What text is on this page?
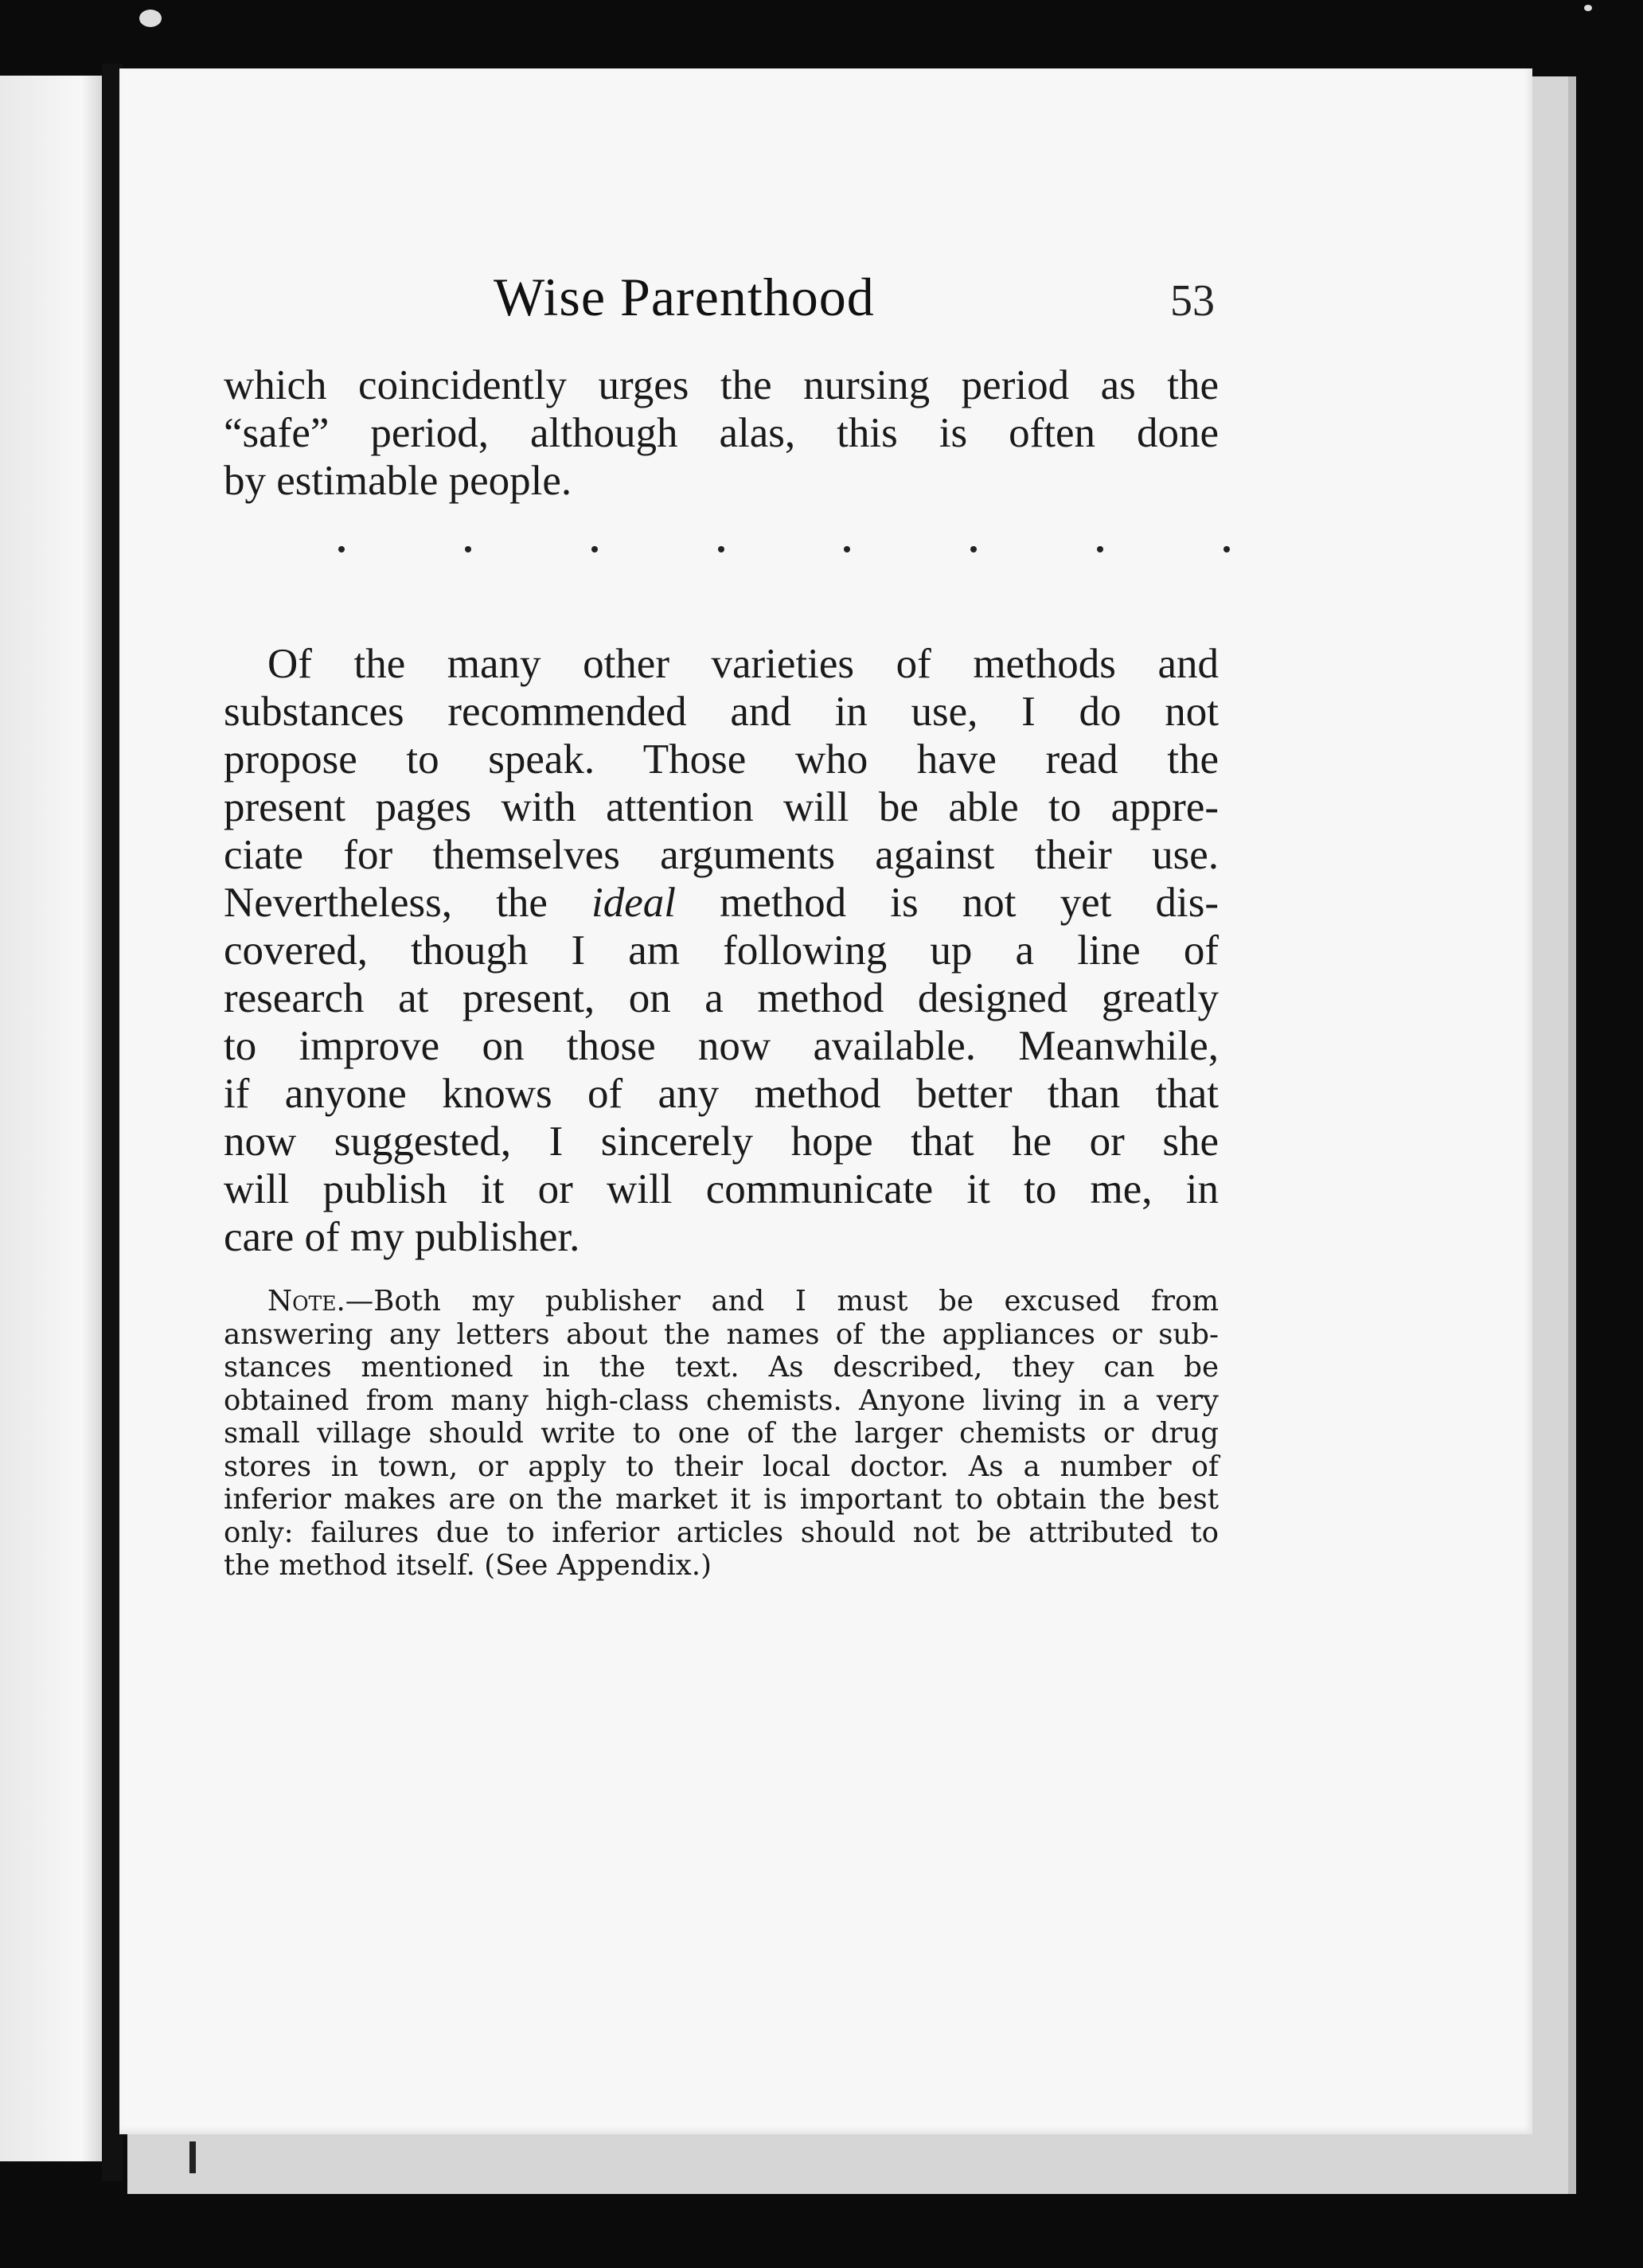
Wise Parenthood	53
which coincidently urges the nursing period as the
“safe” period, although alas, this is often done
by estimable people.
Of the many other varieties of methods and
substances recommended and in use, I do not
propose to speak. Those who have read the
present pages with attention will be able to appre-
ciate for themselves arguments against their use.
Nevertheless, the ideal method is not yet dis-
covered, though I am following up a line of
research at present, on a method designed greatly
to improve on those now available. Meanwhile,
if anyone knows of any method better than that
now suggested, I sincerely hope that he or she
will publish it or will communicate it to me, in
care of my publisher.
Note.—Both my publisher and I must be excused from
answering any letters about the names of the appliances or sub-
stances mentioned in the text. As described, they can be
obtained from many high-class chemists. Anyone living in a very
small village should write to one of the larger chemists or drug
stores in town, or apply to their local doctor. As a number of
inferior makes are on the market it is important to obtain the best
only: failures due to inferior articles should not be attributed to
the method itself. (See Appendix.)
